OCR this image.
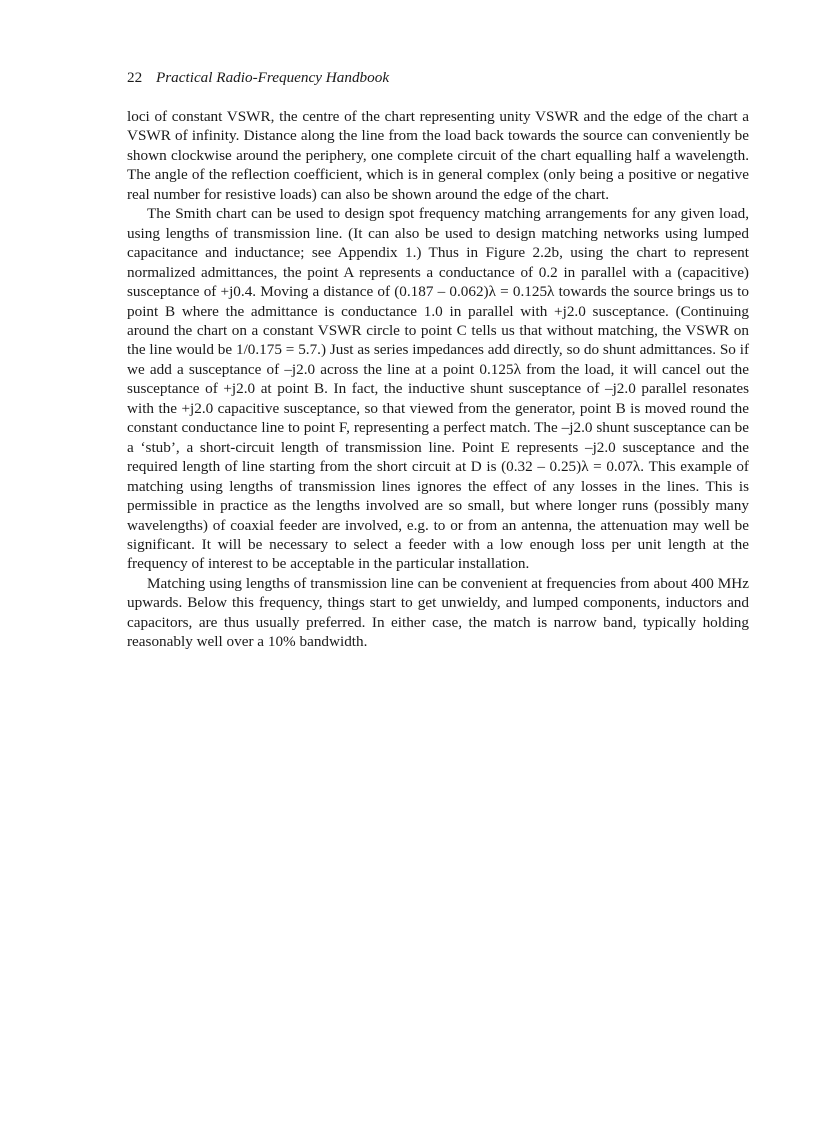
22 Practical Radio-Frequency Handbook

loci of constant VSWR, the centre of the chart representing unity VSWR and the edge of the chart a VSWR of infinity. Distance along the line from the load back towards the source can conveniently be shown clockwise around the periphery, one complete circuit of the chart equalling half a wavelength. The angle of the reflection coefficient, which is in general complex (only being a positive or negative real number for resistive loads) can also be shown around the edge of the chart.

The Smith chart can be used to design spot frequency matching arrangements for any given load, using lengths of transmission line. (It can also be used to design matching networks using lumped capacitance and inductance; see Appendix 1.) Thus in Figure 2.2b, using the chart to represent normalized admittances, the point A represents a conductance of 0.2 in parallel with a (capacitive) susceptance of +j0.4. Moving a distance of (0.187 – 0.062)λ = 0.125λ towards the source brings us to point B where the admittance is conductance 1.0 in parallel with +j2.0 susceptance. (Continuing around the chart on a constant VSWR circle to point C tells us that without matching, the VSWR on the line would be 1/0.175 = 5.7.) Just as series impedances add directly, so do shunt admittances. So if we add a susceptance of –j2.0 across the line at a point 0.125λ from the load, it will cancel out the susceptance of +j2.0 at point B. In fact, the inductive shunt susceptance of –j2.0 parallel resonates with the +j2.0 capacitive susceptance, so that viewed from the generator, point B is moved round the constant conductance line to point F, representing a perfect match. The –j2.0 shunt susceptance can be a ‘stub’, a short-circuit length of transmission line. Point E represents –j2.0 susceptance and the required length of line starting from the short circuit at D is (0.32 – 0.25)λ = 0.07λ. This example of matching using lengths of transmission lines ignores the effect of any losses in the lines. This is permissible in practice as the lengths involved are so small, but where longer runs (possibly many wavelengths) of coaxial feeder are involved, e.g. to or from an antenna, the attenuation may well be significant. It will be necessary to select a feeder with a low enough loss per unit length at the frequency of interest to be acceptable in the particular installation.

Matching using lengths of transmission line can be convenient at frequencies from about 400 MHz upwards. Below this frequency, things start to get unwieldy, and lumped components, inductors and capacitors, are thus usually preferred. In either case, the match is narrow band, typically holding reasonably well over a 10% bandwidth.
